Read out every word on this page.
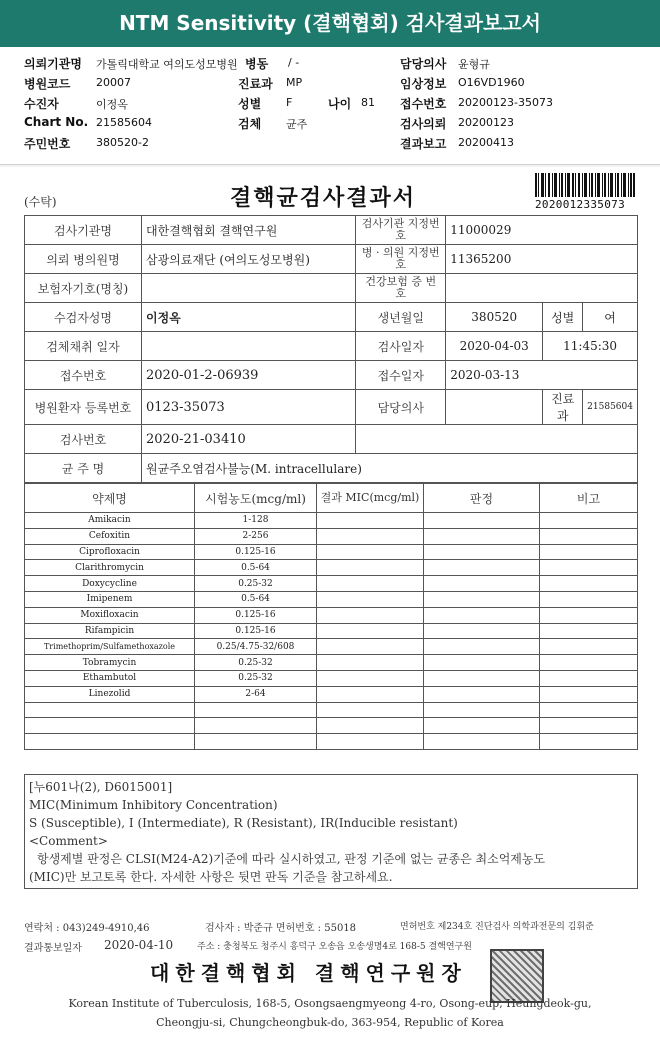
NTM Sensitivity (결핵협회) 검사결과보고서
의뢰기관명 가톨릭대학교 여의도성모병원 병동 / -	담당의사 윤형규
병원코드 20007	진료과 MP	임상정보 O16VD1960
수진자	이정옥	성별 F	나이 81 접수번호 20200123-35073
Chart No. 21585604	검체 균주	검사의뢰 20200123
주민번호 380520-2	결과보고 20200413
(수탁)	결핵균검사결과서	2020012335073
검사기관명	대한결핵협회 결핵연구원	검사기관 지정번호	11000029		
의뢰 병의원명	삼광의료재단 (여의도성모병원)	병 · 의원 지정번호	11365200		
보험자기호(명칭)		건강보험 증 번 호			
수검자성명	이정옥	생년월일	380520	성별	여
검체채취 일자		검사일자	2020-04-03	11:45:30	
접수번호	2020-01-2-06939	접수일자	2020-03-13		
병원환자 등록번호	0123-35073	담당의사		진료과	21585604
검사번호	2020-21-03410				
균 주 명	원균주오염검사불능(M. intracellulare)				
약제명	시험농도(mcg/ml)	결과 MIC(mcg/ml)	판정	비고
Amikacin	1-128			
Cefoxitin	2-256			
Ciprofloxacin	0.125-16			
Clarithromycin	0.5-64			
Doxycycline	0.25-32			
Imipenem	0.5-64			
Moxifloxacin	0.125-16			
Rifampicin	0.125-16			
Trimethoprim/Sulfamethoxazole	0.25/4.75-32/608			
Tobramycin	0.25-32			
Ethambutol	0.25-32			
Linezolid	2-64			

[누601나(2), D6015001]
MIC(Minimum Inhibitory Concentration)
S (Susceptible), I (Intermediate), R (Resistant), IR(Inducible resistant)
<Comment>
항생제별 판정은 CLSI(M24-A2)기준에 따라 실시하였고, 판정 기준에 없는 균종은 최소억제농도
(MIC)만 보고토록 한다. 자세한 사항은 뒷면 판독 기준을 참고하세요.
연락처 : 043)249-4910,46	검사자 : 박준규 면허번호 : 55018	면허번호 제234호 진단검사 의학과전문의 김휘준
결과통보일자 2020-04-10	주소 : 충청북도 청주시 흥덕구 오송읍 오송생명4로 168-5 결핵연구원
대한결핵협회 결핵연구원장
Korean Institute of Tuberculosis, 168-5, Osongsaengmyeong 4-ro, Osong-eup, Heungdeok-gu,
Cheongju-si, Chungcheongbuk-do, 363-954, Republic of Korea
